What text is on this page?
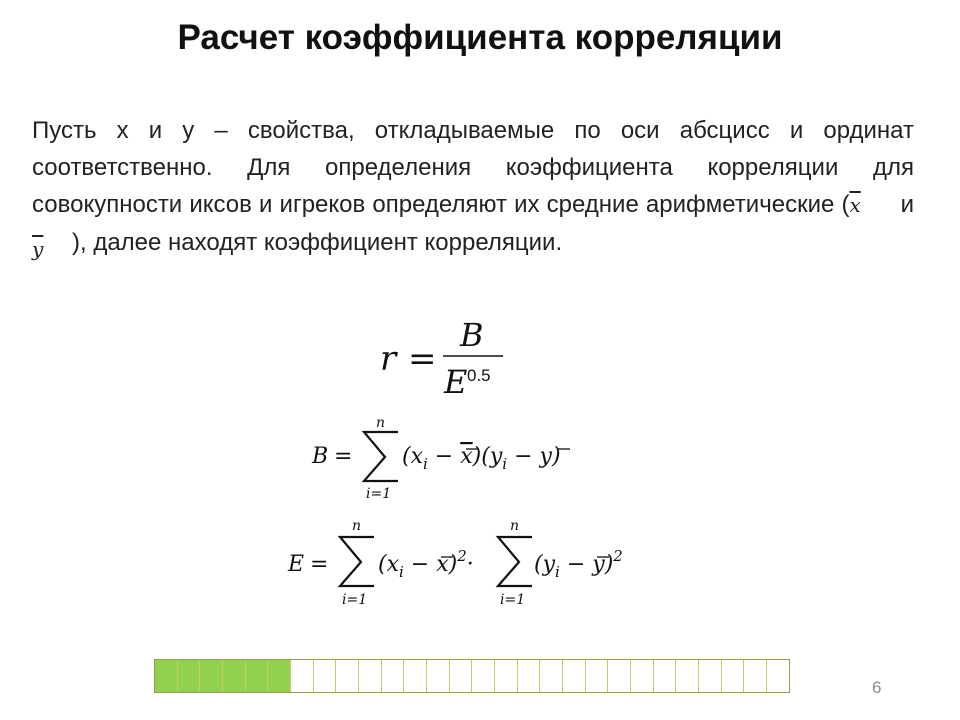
Расчет коэффициента корреляции

Пусть x и y – свойства, откладываемые по оси абсцисс и ординат соответственно. Для определения коэффициента корреляции для совокупности иксов и игреков определяют их средние арифметические ($\overline{x}$ и $\overline{y}$ ), далее находят коэффициент корреляции.

r =
B
E 0.5
B =
n
i=1
$(x_i - x)(y_i - y)$
E =
n
i=1
$(x_i - x)^2\cdot$
n
i=1
$(y_i - y)^2$
6
